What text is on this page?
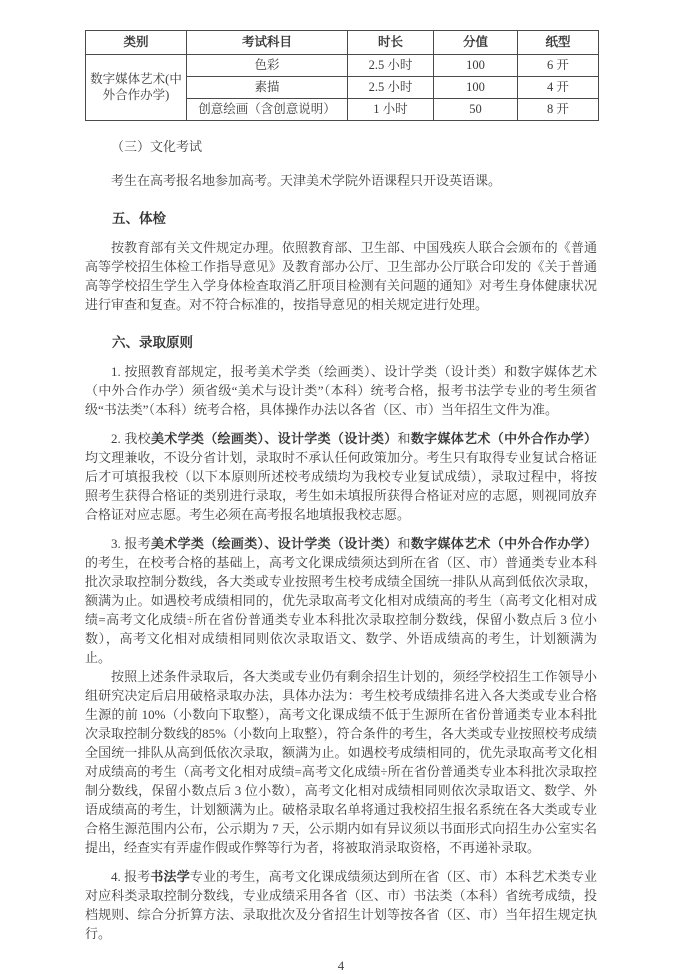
类别	考试科目	时长	分值	纸型
数字媒体艺术(中外合作办学)	色彩	2.5 小时	100	6 开
	素描	2.5 小时	100	4 开
	创意绘画（含创意说明）	1 小时	50	8 开

（三）文化考试

考生在高考报名地参加高考。天津美术学院外语课程只开设英语课。

五、体检

按教育部有关文件规定办理。依照教育部、卫生部、中国残疾人联合会颁布的《普通高等学校招生体检工作指导意见》及教育部办公厅、卫生部办公厅联合印发的《关于普通高等学校招生学生入学身体检查取消乙肝项目检测有关问题的通知》对考生身体健康状况进行审查和复查。对不符合标准的，按指导意见的相关规定进行处理。

六、录取原则

1. 按照教育部规定，报考美术学类（绘画类）、设计学类（设计类）和数字媒体艺术（中外合作办学）须省级“美术与设计类”（本科）统考合格，报考书法学专业的考生须省级“书法类”（本科）统考合格，具体操作办法以各省（区、市）当年招生文件为准。

2. 我校美术学类（绘画类）、设计学类（设计类）和数字媒体艺术（中外合作办学）均文理兼收，不设分省计划，录取时不承认任何政策加分。考生只有取得专业复试合格证后才可填报我校（以下本原则所述校考成绩均为我校专业复试成绩），录取过程中，将按照考生获得合格证的类别进行录取，考生如未填报所获得合格证对应的志愿，则视同放弃合格证对应志愿。考生必须在高考报名地填报我校志愿。

3. 报考美术学类（绘画类）、设计学类（设计类）和数字媒体艺术（中外合作办学）的考生，在校考合格的基础上，高考文化课成绩须达到所在省（区、市）普通类专业本科批次录取控制分数线，各大类或专业按照考生校考成绩全国统一排队从高到低依次录取，额满为止。如遇校考成绩相同的，优先录取高考文化相对成绩高的考生（高考文化相对成绩=高考文化成绩÷所在省份普通类专业本科批次录取控制分数线，保留小数点后 3 位小数），高考文化相对成绩相同则依次录取语文、数学、外语成绩高的考生，计划额满为止。

按照上述条件录取后，各大类或专业仍有剩余招生计划的，须经学校招生工作领导小组研究决定后启用破格录取办法，具体办法为：考生校考成绩排名进入各大类或专业合格生源的前 10%（小数向下取整），高考文化课成绩不低于生源所在省份普通类专业本科批次录取控制分数线的85%（小数向上取整），符合条件的考生，各大类或专业按照校考成绩全国统一排队从高到低依次录取，额满为止。如遇校考成绩相同的，优先录取高考文化相对成绩高的考生（高考文化相对成绩=高考文化成绩÷所在省份普通类专业本科批次录取控制分数线，保留小数点后 3 位小数），高考文化相对成绩相同则依次录取语文、数学、外语成绩高的考生，计划额满为止。破格录取名单将通过我校招生报名系统在各大类或专业合格生源范围内公布，公示期为 7 天，公示期内如有异议须以书面形式向招生办公室实名提出，经查实有弄虚作假或作弊等行为者，将被取消录取资格，不再递补录取。

4. 报考书法学专业的考生，高考文化课成绩须达到所在省（区、市）本科艺术类专业对应科类录取控制分数线，专业成绩采用各省（区、市）书法类（本科）省统考成绩，投档规则、综合分折算方法、录取批次及分省招生计划等按各省（区、市）当年招生规定执行。

4
